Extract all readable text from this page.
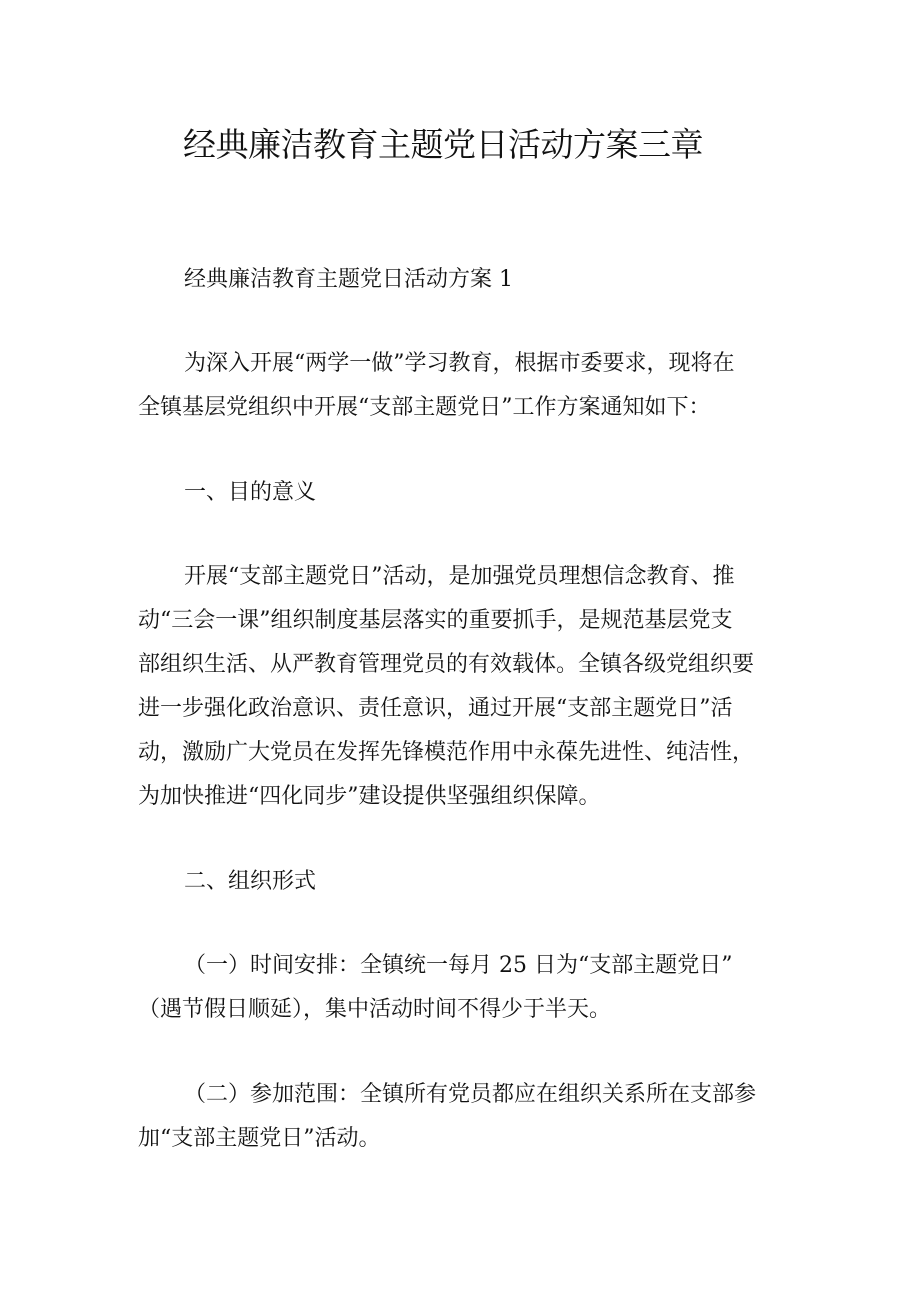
经典廉洁教育主题党日活动方案三章

经典廉洁教育主题党日活动方案 1

为深入开展“两学一做”学习教育，根据市委要求，现将在

全镇基层党组织中开展“支部主题党日”工作方案通知如下：

一、目的意义

开展“支部主题党日”活动，是加强党员理想信念教育、推

动“三会一课”组织制度基层落实的重要抓手，是规范基层党支

部组织生活、从严教育管理党员的有效载体。全镇各级党组织要

进一步强化政治意识、责任意识，通过开展“支部主题党日”活

动，激励广大党员在发挥先锋模范作用中永葆先进性、纯洁性，

为加快推进“四化同步”建设提供坚强组织保障。

二、组织形式

（一）时间安排：全镇统一每月 25 日为“支部主题党日”

（遇节假日顺延），集中活动时间不得少于半天。

（二）参加范围：全镇所有党员都应在组织关系所在支部参

加“支部主题党日”活动。
